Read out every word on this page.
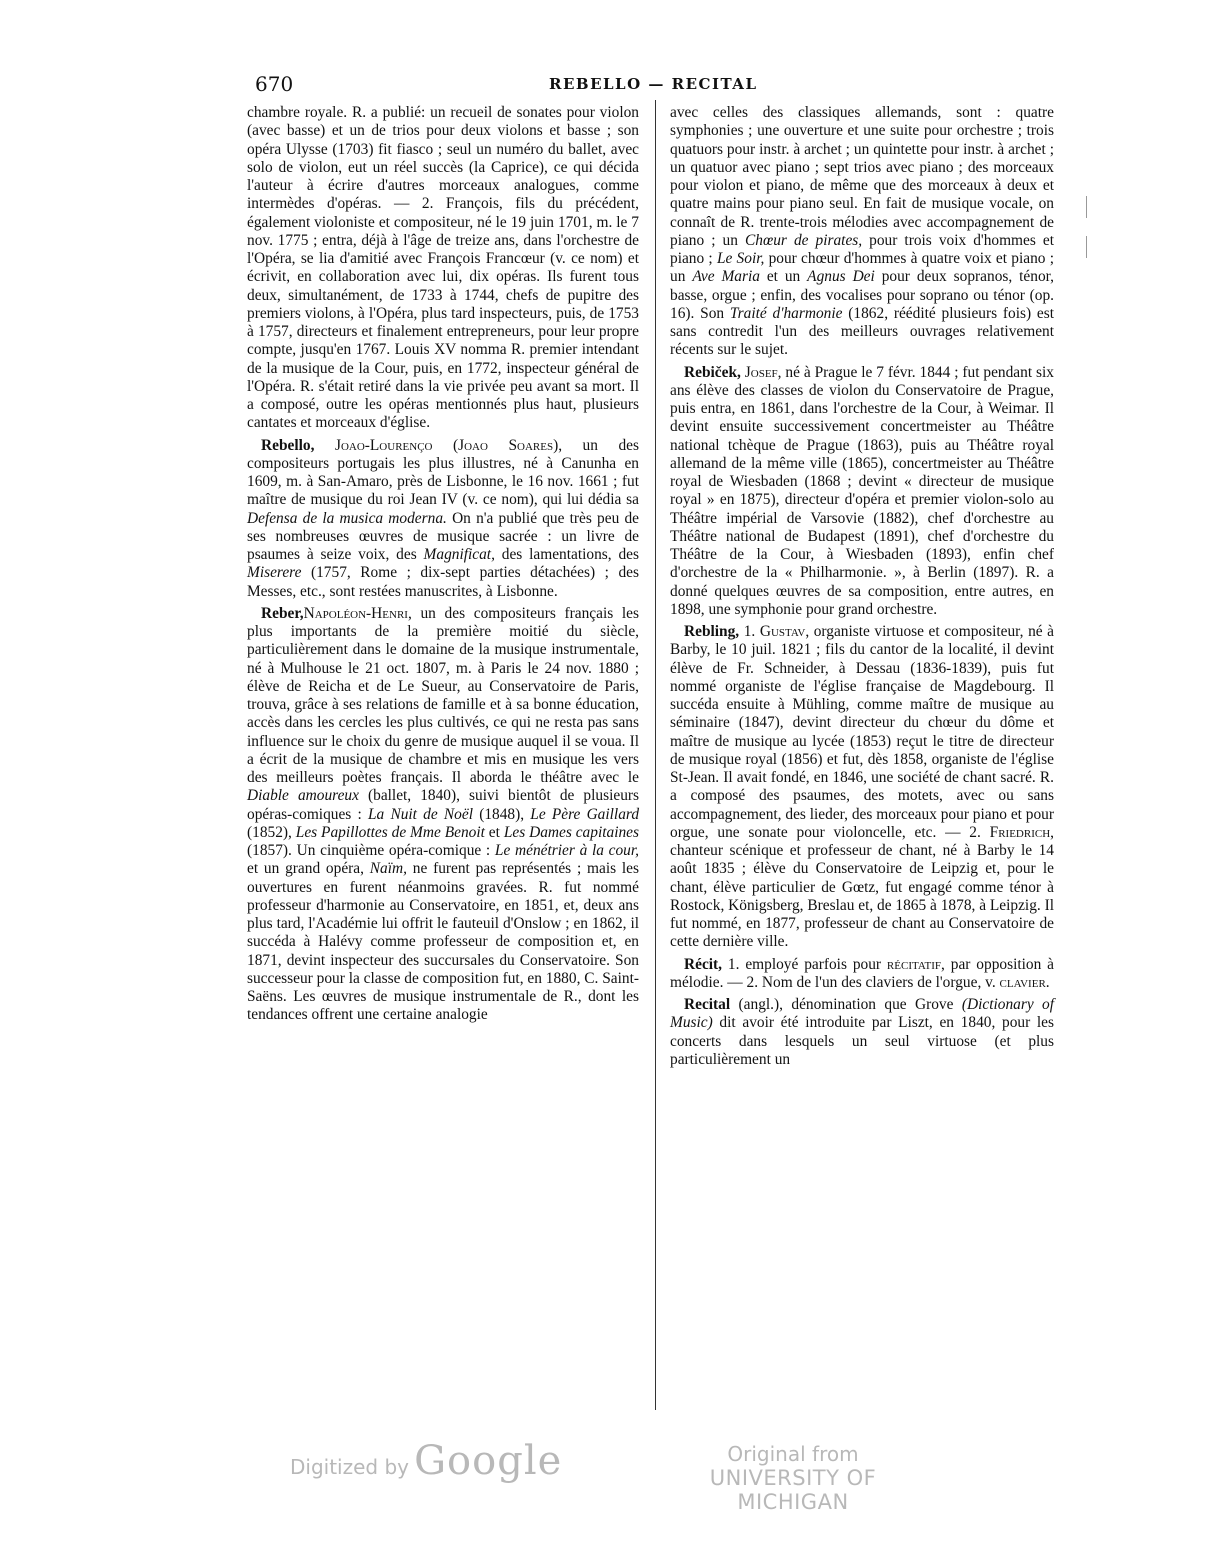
670	REBELLO — RECITAL

chambre royale. R. a publié: un recueil de sonates pour violon (avec basse) et un de trios pour deux violons et basse ; son opéra Ulysse (1703) fit fiasco ; seul un numéro du ballet, avec solo de violon, eut un réel succès (la Caprice), ce qui décida l'auteur à écrire d'autres morceaux analogues, comme intermèdes d'opéras. — 2. François, fils du précédent, également violoniste et compositeur, né le 19 juin 1701, m. le 7 nov. 1775 ; entra, déjà à l'âge de treize ans, dans l'orchestre de l'Opéra, se lia d'amitié avec François Francœur (v. ce nom) et écrivit, en collaboration avec lui, dix opéras. Ils furent tous deux, simultanément, de 1733 à 1744, chefs de pupitre des premiers violons, à l'Opéra, plus tard inspecteurs, puis, de 1753 à 1757, directeurs et finalement entrepreneurs, pour leur propre compte, jusqu'en 1767. Louis XV nomma R. premier intendant de la musique de la Cour, puis, en 1772, inspecteur général de l'Opéra. R. s'était retiré dans la vie privée peu avant sa mort. Il a composé, outre les opéras mentionnés plus haut, plusieurs cantates et morceaux d'église.

Rebello, Joao-Lourenço (Joao Soares), un des compositeurs portugais les plus illustres, né à Canunha en 1609, m. à San-Amaro, près de Lisbonne, le 16 nov. 1661 ; fut maître de musique du roi Jean IV (v. ce nom), qui lui dédia sa Defensa de la musica moderna. On n'a publié que très peu de ses nombreuses œuvres de musique sacrée : un livre de psaumes à seize voix, des Magnificat, des lamentations, des Miserere (1757, Rome ; dix-sept parties détachées) ; des Messes, etc., sont restées manuscrites, à Lisbonne.

Reber,Napoléon-Henri, un des compositeurs français les plus importants de la première moitié du siècle, particulièrement dans le domaine de la musique instrumentale, né à Mulhouse le 21 oct. 1807, m. à Paris le 24 nov. 1880 ; élève de Reicha et de Le Sueur, au Conservatoire de Paris, trouva, grâce à ses relations de famille et à sa bonne éducation, accès dans les cercles les plus cultivés, ce qui ne resta pas sans influence sur le choix du genre de musique auquel il se voua. Il a écrit de la musique de chambre et mis en musique les vers des meilleurs poètes français. Il aborda le théâtre avec le Diable amoureux (ballet, 1840), suivi bientôt de plusieurs opéras-comiques : La Nuit de Noël (1848), Le Père Gaillard (1852), Les Papillottes de Mme Benoit et Les Dames capitaines (1857). Un cinquième opéra-comique : Le ménétrier à la cour, et un grand opéra, Naïm, ne furent pas représentés ; mais les ouvertures en furent néanmoins gravées. R. fut nommé professeur d'harmonie au Conservatoire, en 1851, et, deux ans plus tard, l'Académie lui offrit le fauteuil d'Onslow ; en 1862, il succéda à Halévy comme professeur de composition et, en 1871, devint inspecteur des succursales du Conservatoire. Son successeur pour la classe de composition fut, en 1880, C. Saint-Saëns. Les œuvres de musique instrumentale de R., dont les tendances offrent une certaine analogie

avec celles des classiques allemands, sont : quatre symphonies ; une ouverture et une suite pour orchestre ; trois quatuors pour instr. à archet ; un quintette pour instr. à archet ; un quatuor avec piano ; sept trios avec piano ; des morceaux pour violon et piano, de même que des morceaux à deux et quatre mains pour piano seul. En fait de musique vocale, on connaît de R. trente-trois mélodies avec accompagnement de piano ; un Chœur de pirates, pour trois voix d'hommes et piano ; Le Soir, pour chœur d'hommes à quatre voix et piano ; un Ave Maria et un Agnus Dei pour deux sopranos, ténor, basse, orgue ; enfin, des vocalises pour soprano ou ténor (op. 16). Son Traité d'harmonie (1862, réédité plusieurs fois) est sans contredit l'un des meilleurs ouvrages relativement récents sur le sujet.

Rebiček, Josef, né à Prague le 7 févr. 1844 ; fut pendant six ans élève des classes de violon du Conservatoire de Prague, puis entra, en 1861, dans l'orchestre de la Cour, à Weimar. Il devint ensuite successivement concertmeister au Théâtre national tchèque de Prague (1863), puis au Théâtre royal allemand de la même ville (1865), concertmeister au Théâtre royal de Wiesbaden (1868 ; devint « directeur de musique royal » en 1875), directeur d'opéra et premier violon-solo au Théâtre impérial de Varsovie (1882), chef d'orchestre au Théâtre national de Budapest (1891), chef d'orchestre du Théâtre de la Cour, à Wiesbaden (1893), enfin chef d'orchestre de la « Philharmonie. », à Berlin (1897). R. a donné quelques œuvres de sa composition, entre autres, en 1898, une symphonie pour grand orchestre.

Rebling, 1. Gustav, organiste virtuose et compositeur, né à Barby, le 10 juil. 1821 ; fils du cantor de la localité, il devint élève de Fr. Schneider, à Dessau (1836-1839), puis fut nommé organiste de l'église française de Magdebourg. Il succéda ensuite à Mühling, comme maître de musique au séminaire (1847), devint directeur du chœur du dôme et maître de musique au lycée (1853) reçut le titre de directeur de musique royal (1856) et fut, dès 1858, organiste de l'église St-Jean. Il avait fondé, en 1846, une société de chant sacré. R. a composé des psaumes, des motets, avec ou sans accompagnement, des lieder, des morceaux pour piano et pour orgue, une sonate pour violoncelle, etc. — 2. Friedrich, chanteur scénique et professeur de chant, né à Barby le 14 août 1835 ; élève du Conservatoire de Leipzig et, pour le chant, élève particulier de Gœtz, fut engagé comme ténor à Rostock, Königsberg, Breslau et, de 1865 à 1878, à Leipzig. Il fut nommé, en 1877, professeur de chant au Conservatoire de cette dernière ville.

Récit, 1. employé parfois pour récitatif, par opposition à mélodie. — 2. Nom de l'un des claviers de l'orgue, v. clavier.

Recital (angl.), dénomination que Grove (Dictionary of Music) dit avoir été introduite par Liszt, en 1840, pour les concerts dans lesquels un seul virtuose (et plus particulièrement un

Digitized by Google	Original from
UNIVERSITY OF MICHIGAN
